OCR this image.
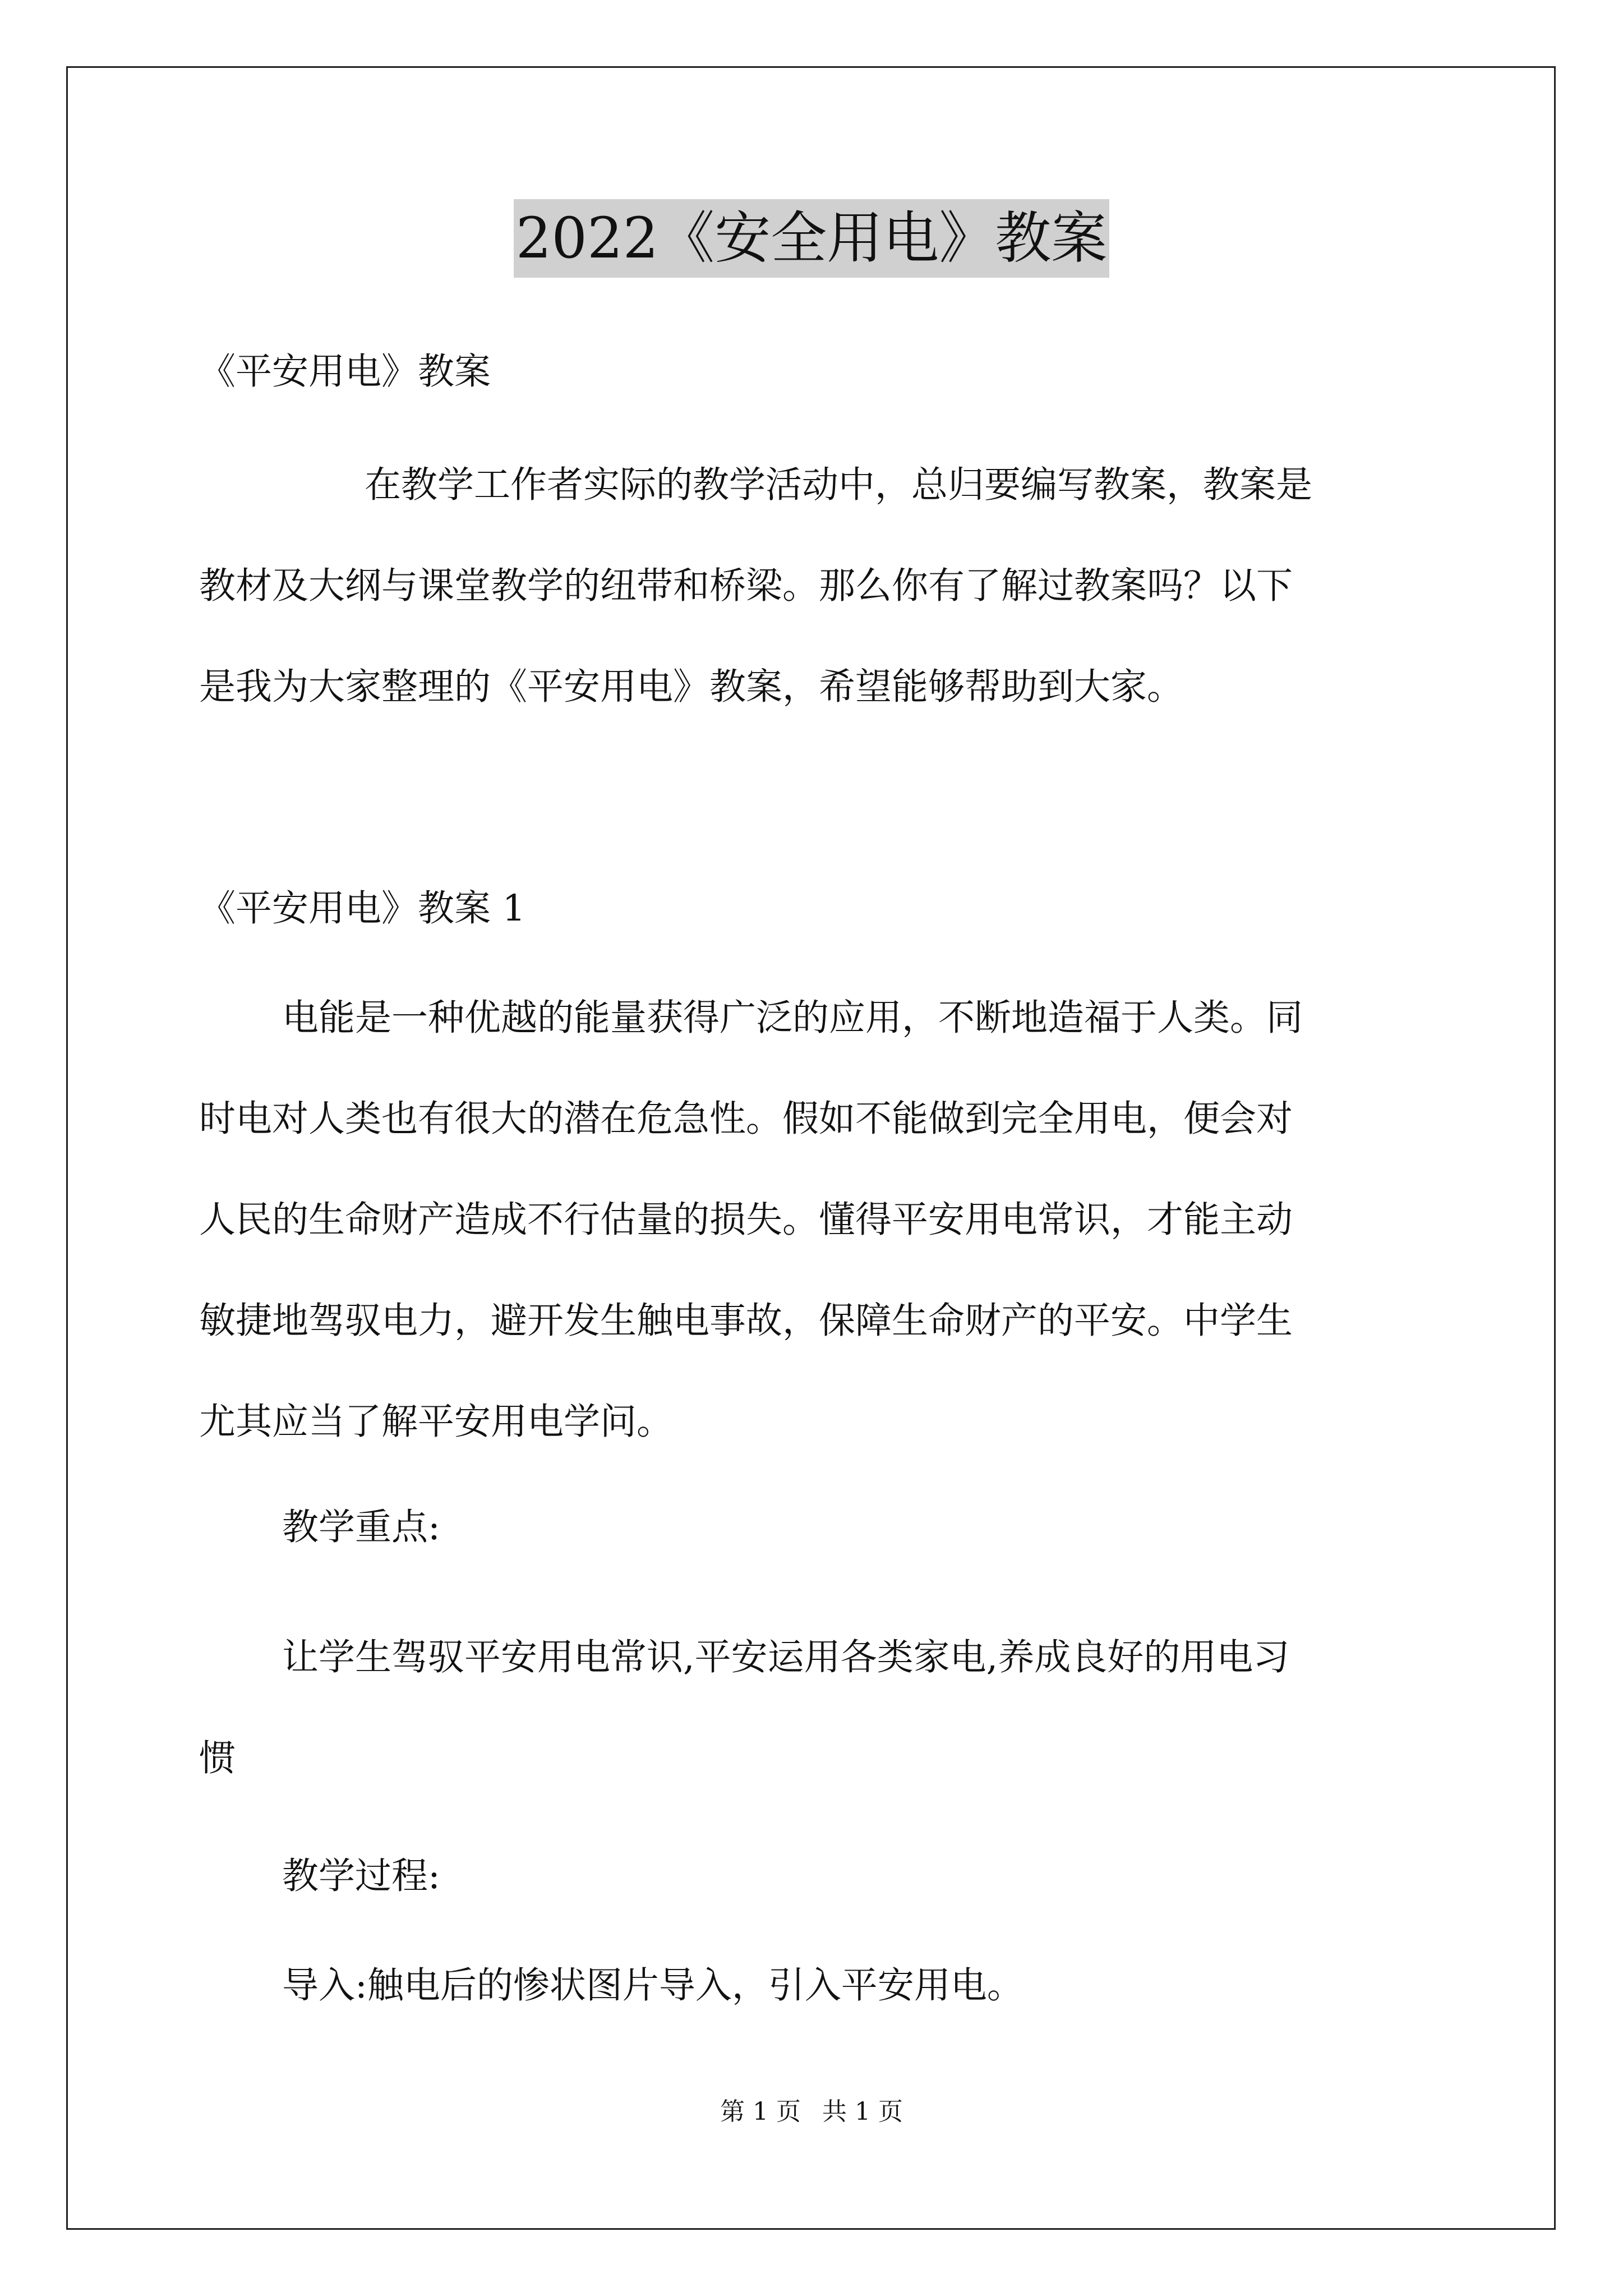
2022《安全用电》教案
《平安用电》教案
在教学工作者实际的教学活动中，总归要编写教案，教案是
教材及大纲与课堂教学的纽带和桥梁。那么你有了解过教案吗？以下
是我为大家整理的《平安用电》教案，希望能够帮助到大家。
《平安用电》教案 1
电能是一种优越的能量获得广泛的应用，不断地造福于人类。同
时电对人类也有很大的潜在危急性。假如不能做到完全用电，便会对
人民的生命财产造成不行估量的损失。懂得平安用电常识，才能主动
敏捷地驾驭电力，避开发生触电事故，保障生命财产的平安。中学生
尤其应当了解平安用电学问。
教学重点:
让学生驾驭平安用电常识,平安运用各类家电,养成良好的用电习
惯
教学过程:
导入:触电后的惨状图片导入，引入平安用电。
第 1 页 共 1 页
